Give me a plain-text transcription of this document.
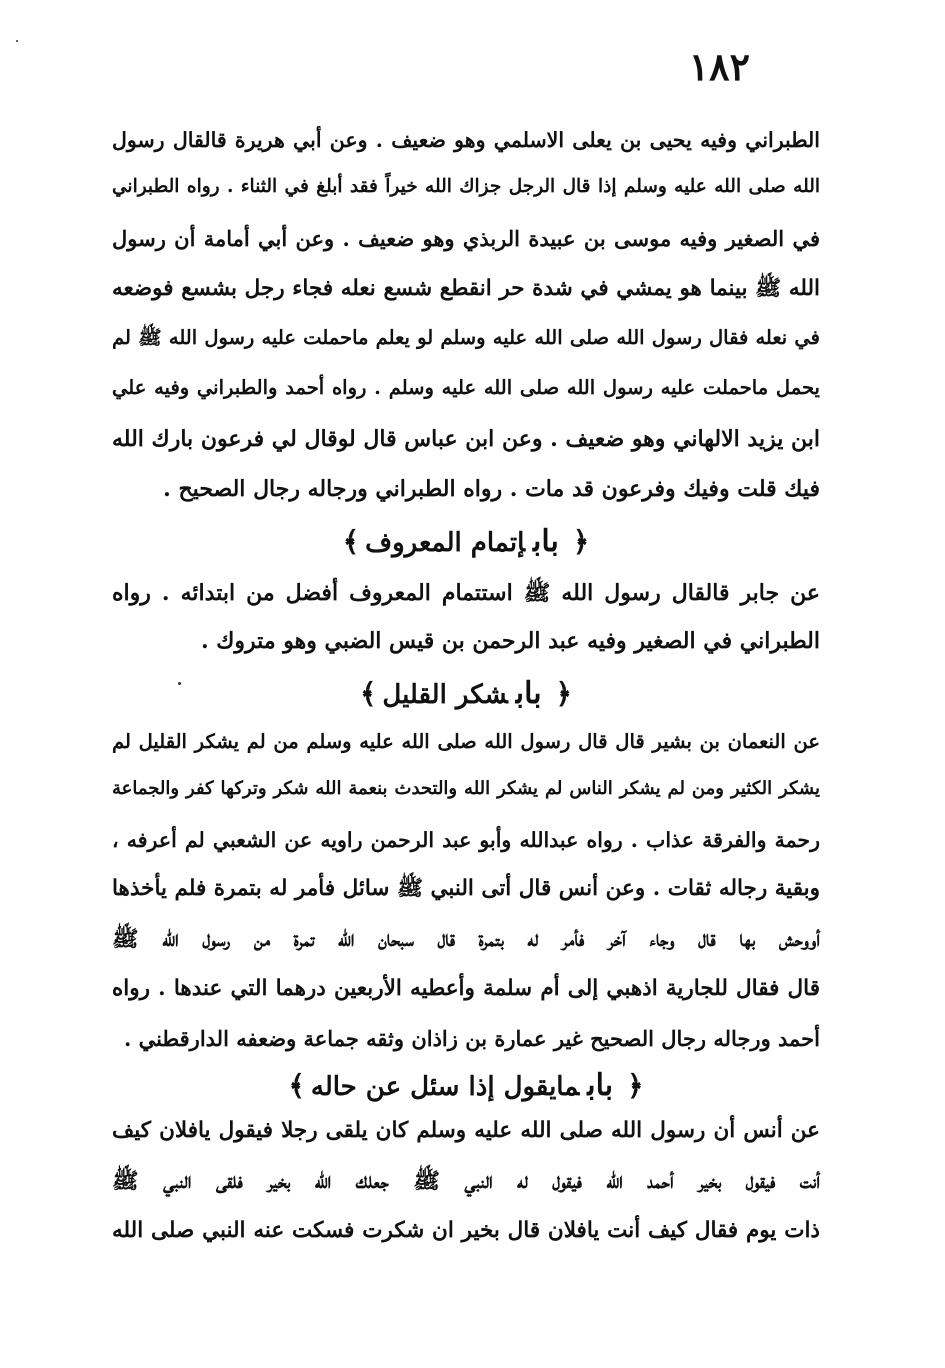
١٨٢
الطبراني وفيه يحيى بن يعلى الاسلمي وهو ضعيف . وعن أبي هريرة قالقال رسول
الله صلى الله عليه وسلم إذا قال الرجل جزاك الله خيراً فقد أبلغ في الثناء . رواه الطبراني
في الصغير وفيه موسى بن عبيدة الربذي وهو ضعيف . وعن أبي أمامة أن رسول
الله ﷺ بينما هو يمشي في شدة حر انقطع شسع نعله فجاء رجل بشسع فوضعه
في نعله فقال رسول الله صلى الله عليه وسلم لو يعلم ماحملت عليه رسول الله ﷺ لم
يحمل ماحملت عليه رسول الله صلى الله عليه وسلم . رواه أحمد والطبراني وفيه علي
ابن يزيد الالهاني وهو ضعيف . وعن ابن عباس قال لوقال لي فرعون بارك الله
فيك قلت وفيك وفرعون قد مات . رواه الطبراني ورجاله رجال الصحيح .
﴿بابإتمام المعروف﴾
عن جابر قالقال رسول الله ﷺ استتمام المعروف أفضل من ابتدائه . رواه
الطبراني في الصغير وفيه عبد الرحمن بن قيس الضبي وهو متروك .
﴿بابشكر القليل﴾
عن النعمان بن بشير قال قال رسول الله صلى الله عليه وسلم من لم يشكر القليل لم
يشكر الكثير ومن لم يشكر الناس لم يشكر الله والتحدث بنعمة الله شكر وتركها كفر والجماعة
رحمة والفرقة عذاب . رواه عبدالله وأبو عبد الرحمن راويه عن الشعبي لم أعرفه ،
وبقية رجاله ثقات . وعن أنس قال أتى النبي ﷺ سائل فأمر له بتمرة فلم يأخذها
أووحش بها قال وجاء آخر فأمر له بتمرة قال سبحان الله تمرة من رسول الله ﷺ
قال فقال للجارية اذهبي إلى أم سلمة وأعطيه الأربعين درهما التي عندها . رواه
أحمد ورجاله رجال الصحيح غير عمارة بن زاذان وثقه جماعة وضعفه الدارقطني .
﴿بابمايقول إذا سئل عن حاله﴾
عن أنس أن رسول الله صلى الله عليه وسلم كان يلقى رجلا فيقول يافلان كيف
أنت فيقول بخير أحمد الله فيقول له النبي ﷺ جعلك الله بخير فلقى النبي ﷺ
ذات يوم فقال كيف أنت يافلان قال بخير ان شكرت فسكت عنه النبي صلى الله
